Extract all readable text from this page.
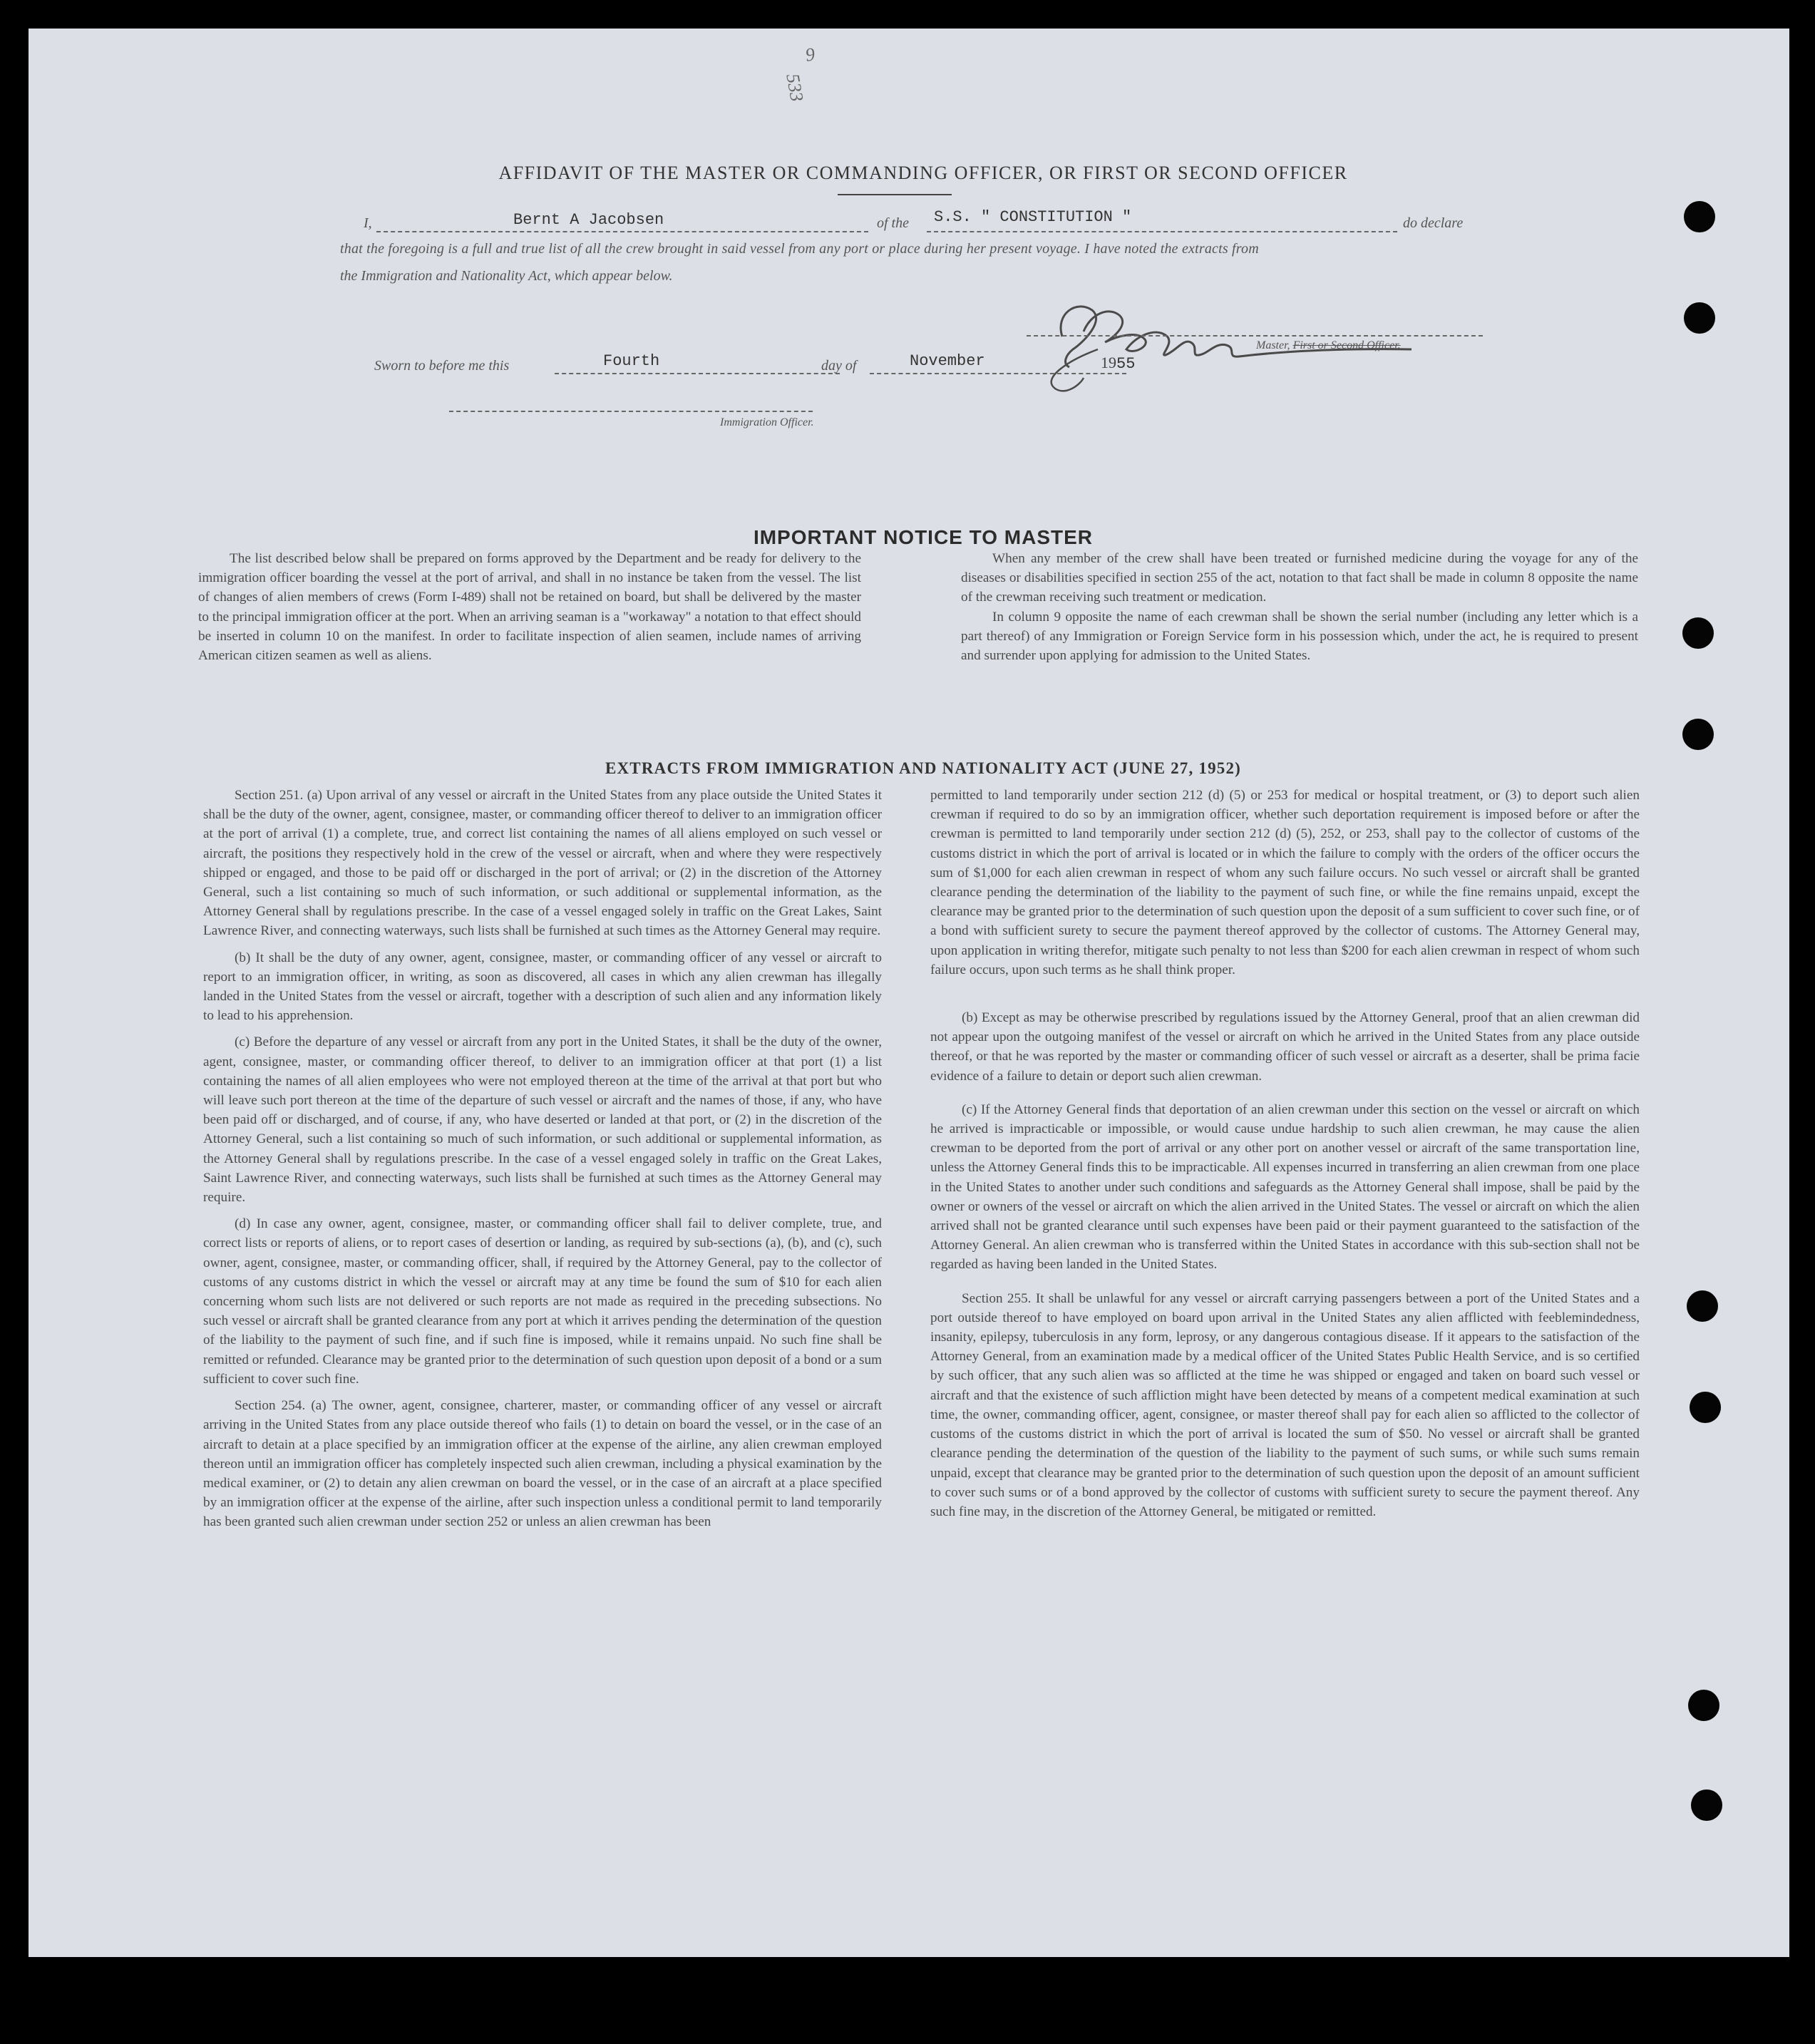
9
533
AFFIDAVIT OF THE MASTER OR COMMANDING OFFICER, OR FIRST OR SECOND OFFICER
I,	Bernt A Jacobsen	of the S.S. " CONSTITUTION "	do declare
that the foregoing is a full and true list of all the crew brought in said vessel from any port or place during her present voyage. I have noted the extracts from
the Immigration and Nationality Act, which appear below.
Master, First or Second Officer.
Sworn to before me this	Fourth	day of	November	1955
Immigration Officer.
IMPORTANT NOTICE TO MASTER

The list described below shall be prepared on forms approved by the Department and be ready for delivery to the immigration officer boarding the vessel at the port of arrival, and shall in no instance be taken from the vessel. The list of changes of alien members of crews (Form I-489) shall not be retained on board, but shall be delivered by the master to the principal immigration officer at the port. When an arriving seaman is a "workaway" a notation to that effect should be inserted in column 10 on the manifest. In order to facilitate inspection of alien seamen, include names of arriving American citizen seamen as well as aliens.

When any member of the crew shall have been treated or furnished medicine during the voyage for any of the diseases or disabilities specified in section 255 of the act, notation to that fact shall be made in column 8 opposite the name of the crewman receiving such treatment or medication.

In column 9 opposite the name of each crewman shall be shown the serial number (including any letter which is a part thereof) of any Immigration or Foreign Service form in his possession which, under the act, he is required to present and surrender upon applying for admission to the United States.

EXTRACTS FROM IMMIGRATION AND NATIONALITY ACT (JUNE 27, 1952)

Section 251. (a) Upon arrival of any vessel or aircraft in the United States from any place outside the United States it shall be the duty of the owner, agent, consignee, master, or commanding officer thereof to deliver to an immigration officer at the port of arrival (1) a complete, true, and correct list containing the names of all aliens employed on such vessel or aircraft, the positions they respectively hold in the crew of the vessel or aircraft, when and where they were respectively shipped or engaged, and those to be paid off or discharged in the port of arrival; or (2) in the discretion of the Attorney General, such a list containing so much of such information, or such additional or supplemental information, as the Attorney General shall by regulations prescribe. In the case of a vessel engaged solely in traffic on the Great Lakes, Saint Lawrence River, and connecting waterways, such lists shall be furnished at such times as the Attorney General may require.

(b) It shall be the duty of any owner, agent, consignee, master, or commanding officer of any vessel or aircraft to report to an immigration officer, in writing, as soon as discovered, all cases in which any alien crewman has illegally landed in the United States from the vessel or aircraft, together with a description of such alien and any information likely to lead to his apprehension.

(c) Before the departure of any vessel or aircraft from any port in the United States, it shall be the duty of the owner, agent, consignee, master, or commanding officer thereof, to deliver to an immigration officer at that port (1) a list containing the names of all alien employees who were not employed thereon at the time of the arrival at that port but who will leave such port thereon at the time of the departure of such vessel or aircraft and the names of those, if any, who have been paid off or discharged, and of course, if any, who have deserted or landed at that port, or (2) in the discretion of the Attorney General, such a list containing so much of such information, or such additional or supplemental information, as the Attorney General shall by regulations prescribe. In the case of a vessel engaged solely in traffic on the Great Lakes, Saint Lawrence River, and connecting waterways, such lists shall be furnished at such times as the Attorney General may require.

(d) In case any owner, agent, consignee, master, or commanding officer shall fail to deliver complete, true, and correct lists or reports of aliens, or to report cases of desertion or landing, as required by sub-sections (a), (b), and (c), such owner, agent, consignee, master, or commanding officer, shall, if required by the Attorney General, pay to the collector of customs of any customs district in which the vessel or aircraft may at any time be found the sum of $10 for each alien concerning whom such lists are not delivered or such reports are not made as required in the preceding subsections. No such vessel or aircraft shall be granted clearance from any port at which it arrives pending the determination of the question of the liability to the payment of such fine, and if such fine is imposed, while it remains unpaid. No such fine shall be remitted or refunded. Clearance may be granted prior to the determination of such question upon deposit of a bond or a sum sufficient to cover such fine.

Section 254. (a) The owner, agent, consignee, charterer, master, or commanding officer of any vessel or aircraft arriving in the United States from any place outside thereof who fails (1) to detain on board the vessel, or in the case of an aircraft to detain at a place specified by an immigration officer at the expense of the airline, any alien crewman employed thereon until an immigration officer has completely inspected such alien crewman, including a physical examination by the medical examiner, or (2) to detain any alien crewman on board the vessel, or in the case of an aircraft at a place specified by an immigration officer at the expense of the airline, after such inspection unless a conditional permit to land temporarily has been granted such alien crewman under section 252 or unless an alien crewman has been

permitted to land temporarily under section 212 (d) (5) or 253 for medical or hospital treatment, or (3) to deport such alien crewman if required to do so by an immigration officer, whether such deportation requirement is imposed before or after the crewman is permitted to land temporarily under section 212 (d) (5), 252, or 253, shall pay to the collector of customs of the customs district in which the port of arrival is located or in which the failure to comply with the orders of the officer occurs the sum of $1,000 for each alien crewman in respect of whom any such failure occurs. No such vessel or aircraft shall be granted clearance pending the determination of the liability to the payment of such fine, or while the fine remains unpaid, except the clearance may be granted prior to the determination of such question upon the deposit of a sum sufficient to cover such fine, or of a bond with sufficient surety to secure the payment thereof approved by the collector of customs. The Attorney General may, upon application in writing therefor, mitigate such penalty to not less than $200 for each alien crewman in respect of whom such failure occurs, upon such terms as he shall think proper.

(b) Except as may be otherwise prescribed by regulations issued by the Attorney General, proof that an alien crewman did not appear upon the outgoing manifest of the vessel or aircraft on which he arrived in the United States from any place outside thereof, or that he was reported by the master or commanding officer of such vessel or aircraft as a deserter, shall be prima facie evidence of a failure to detain or deport such alien crewman.

(c) If the Attorney General finds that deportation of an alien crewman under this section on the vessel or aircraft on which he arrived is impracticable or impossible, or would cause undue hardship to such alien crewman, he may cause the alien crewman to be deported from the port of arrival or any other port on another vessel or aircraft of the same transportation line, unless the Attorney General finds this to be impracticable. All expenses incurred in transferring an alien crewman from one place in the United States to another under such conditions and safeguards as the Attorney General shall impose, shall be paid by the owner or owners of the vessel or aircraft on which the alien arrived in the United States. The vessel or aircraft on which the alien arrived shall not be granted clearance until such expenses have been paid or their payment guaranteed to the satisfaction of the Attorney General. An alien crewman who is transferred within the United States in accordance with this sub-section shall not be regarded as having been landed in the United States.

Section 255. It shall be unlawful for any vessel or aircraft carrying passengers between a port of the United States and a port outside thereof to have employed on board upon arrival in the United States any alien afflicted with feeblemindedness, insanity, epilepsy, tuberculosis in any form, leprosy, or any dangerous contagious disease. If it appears to the satisfaction of the Attorney General, from an examination made by a medical officer of the United States Public Health Service, and is so certified by such officer, that any such alien was so afflicted at the time he was shipped or engaged and taken on board such vessel or aircraft and that the existence of such affliction might have been detected by means of a competent medical examination at such time, the owner, commanding officer, agent, consignee, or master thereof shall pay for each alien so afflicted to the collector of customs of the customs district in which the port of arrival is located the sum of $50. No vessel or aircraft shall be granted clearance pending the determination of the question of the liability to the payment of such sums, or while such sums remain unpaid, except that clearance may be granted prior to the determination of such question upon the deposit of an amount sufficient to cover such sums or of a bond approved by the collector of customs with sufficient surety to secure the payment thereof. Any such fine may, in the discretion of the Attorney General, be mitigated or remitted.
